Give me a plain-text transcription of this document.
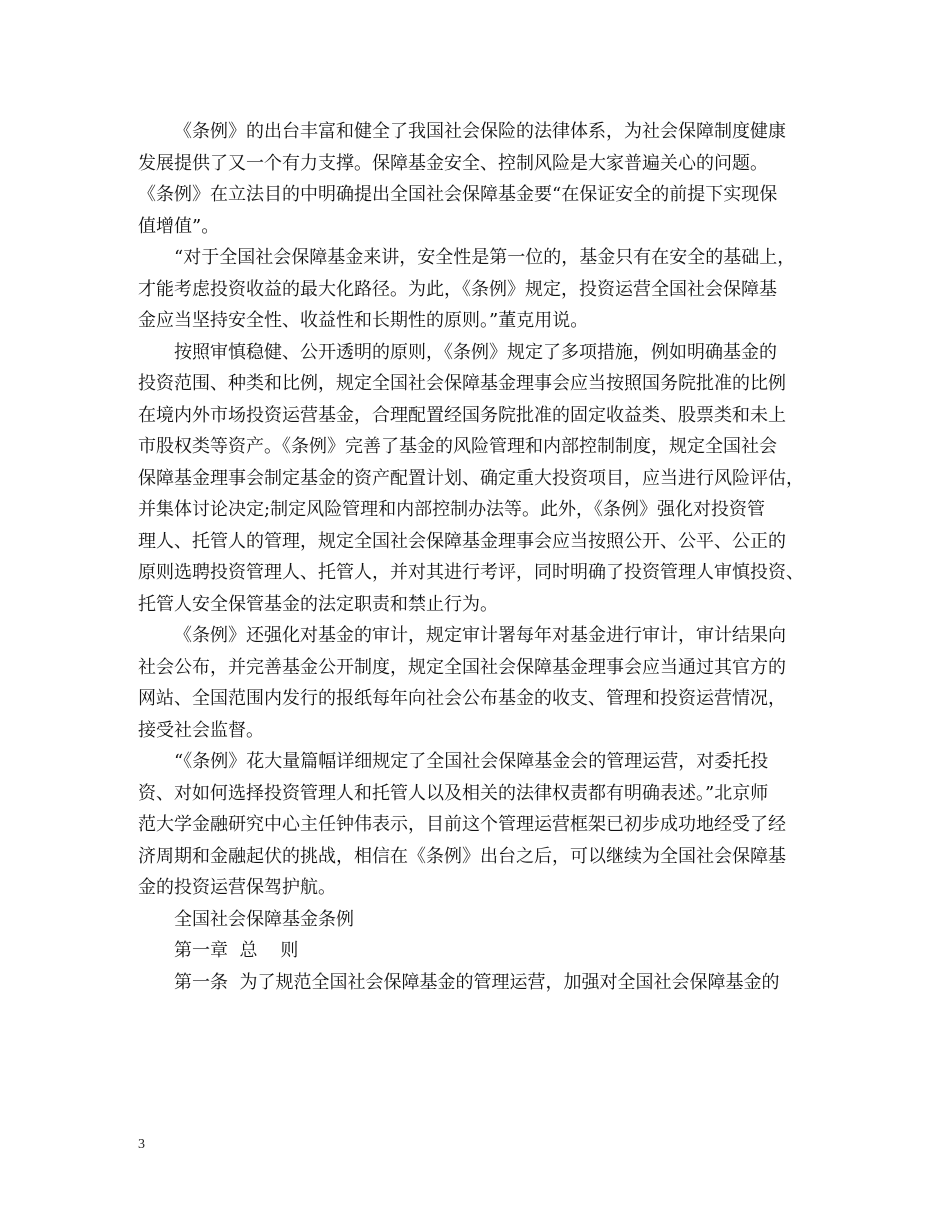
《条例》的出台丰富和健全了我国社会保险的法律体系，为社会保障制度健康
发展提供了又一个有力支撑。保障基金安全、控制风险是大家普遍关心的问题。
《条例》在立法目的中明确提出全国社会保障基金要“在保证安全的前提下实现保
值增值”。
“对于全国社会保障基金来讲，安全性是第一位的，基金只有在安全的基础上，
才能考虑投资收益的最大化路径。为此，《条例》规定，投资运营全国社会保障基
金应当坚持安全性、收益性和长期性的原则。”董克用说。
按照审慎稳健、公开透明的原则，《条例》规定了多项措施，例如明确基金的
投资范围、种类和比例，规定全国社会保障基金理事会应当按照国务院批准的比例
在境内外市场投资运营基金，合理配置经国务院批准的固定收益类、股票类和未上
市股权类等资产。《条例》完善了基金的风险管理和内部控制制度，规定全国社会
保障基金理事会制定基金的资产配置计划、确定重大投资项目，应当进行风险评估，
并集体讨论决定;制定风险管理和内部控制办法等。此外，《条例》强化对投资管
理人、托管人的管理，规定全国社会保障基金理事会应当按照公开、公平、公正的
原则选聘投资管理人、托管人，并对其进行考评，同时明确了投资管理人审慎投资、
托管人安全保管基金的法定职责和禁止行为。
《条例》还强化对基金的审计，规定审计署每年对基金进行审计，审计结果向
社会公布，并完善基金公开制度，规定全国社会保障基金理事会应当通过其官方的
网站、全国范围内发行的报纸每年向社会公布基金的收支、管理和投资运营情况，
接受社会监督。
“《条例》花大量篇幅详细规定了全国社会保障基金会的管理运营，对委托投
资、对如何选择投资管理人和托管人以及相关的法律权责都有明确表述。”北京师
范大学金融研究中心主任钟伟表示，目前这个管理运营框架已初步成功地经受了经
济周期和金融起伏的挑战，相信在《条例》出台之后，可以继续为全国社会保障基
金的投资运营保驾护航。
全国社会保障基金条例
第一章  总    则
第一条  为了规范全国社会保障基金的管理运营，加强对全国社会保障基金的
3
